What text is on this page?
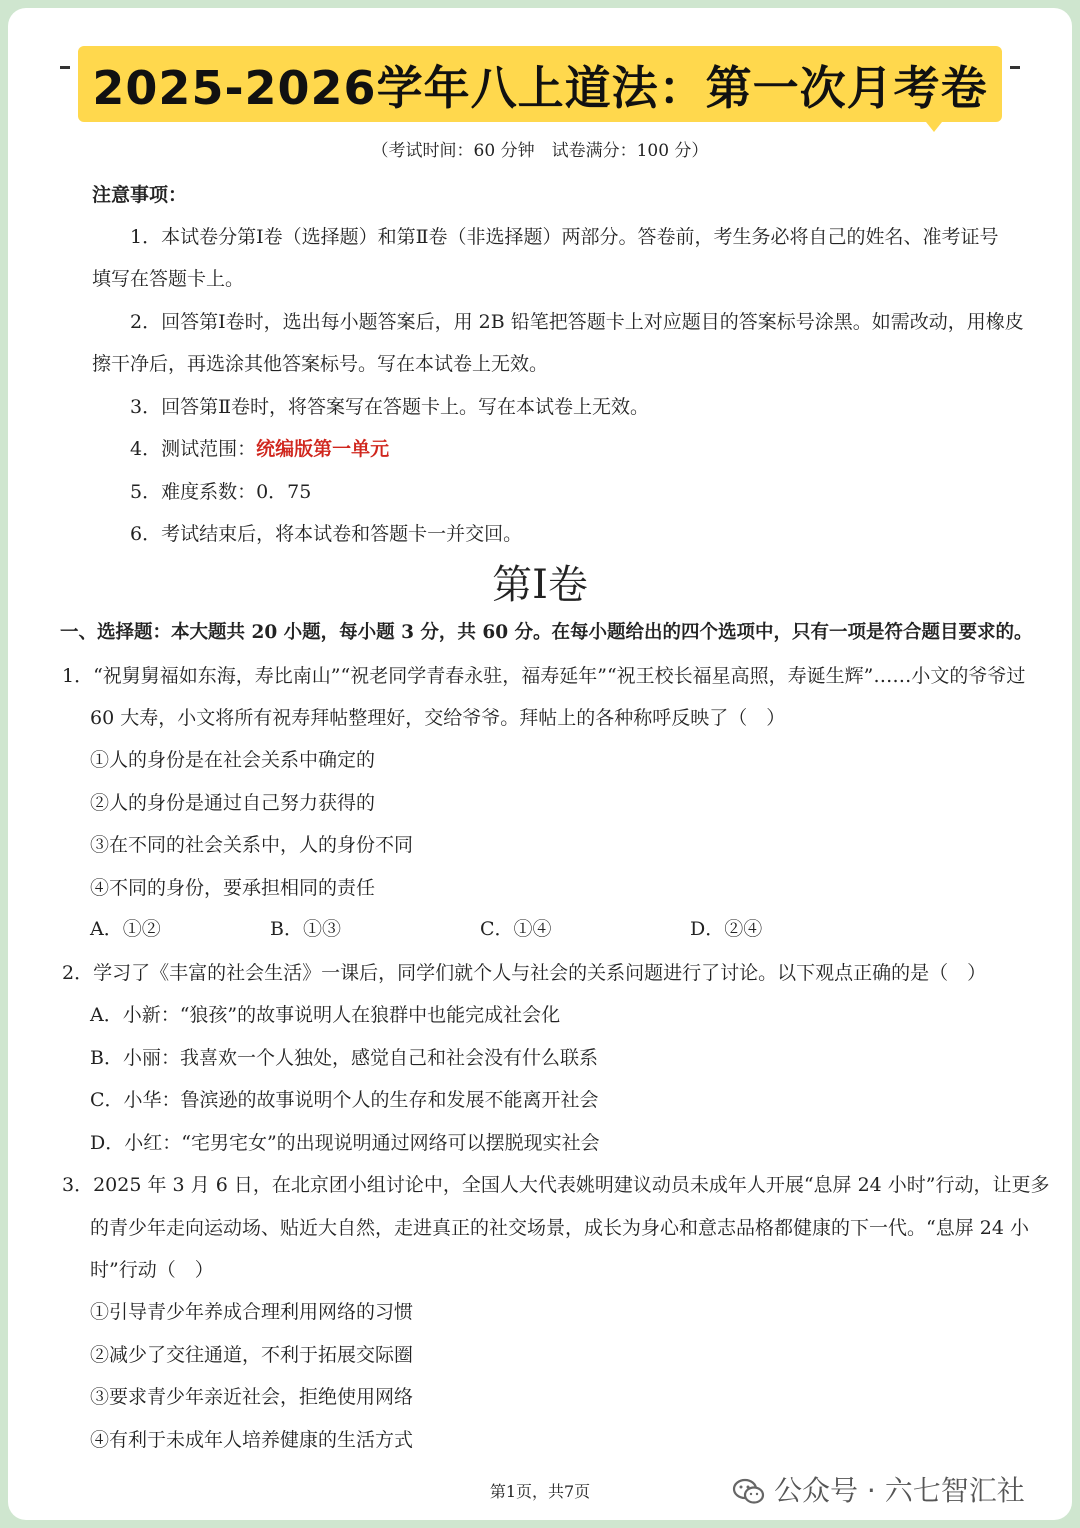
2025-2026学年八上道法：第一次月考卷
（考试时间：60 分钟　试卷满分：100 分）
注意事项：
1．本试卷分第Ⅰ卷（选择题）和第Ⅱ卷（非选择题）两部分。答卷前，考生务必将自己的姓名、准考证号
填写在答题卡上。
2．回答第Ⅰ卷时，选出每小题答案后，用 2B 铅笔把答题卡上对应题目的答案标号涂黑。如需改动，用橡皮
擦干净后，再选涂其他答案标号。写在本试卷上无效。
3．回答第Ⅱ卷时，将答案写在答题卡上。写在本试卷上无效。
4．测试范围：统编版第一单元
5．难度系数：0．75
6．考试结束后，将本试卷和答题卡一并交回。
第Ⅰ卷
一、选择题：本大题共 20 小题，每小题 3 分，共 60 分。在每小题给出的四个选项中，只有一项是符合题目要求的。
1．“祝舅舅福如东海，寿比南山”“祝老同学青春永驻，福寿延年”“祝王校长福星高照，寿诞生辉”……小文的爷爷过
60 大寿，小文将所有祝寿拜帖整理好，交给爷爷。拜帖上的各种称呼反映了（　）
①人的身份是在社会关系中确定的
②人的身份是通过自己努力获得的
③在不同的社会关系中，人的身份不同
④不同的身份，要承担相同的责任
A．①②	B．①③	C．①④	D．②④
2．学习了《丰富的社会生活》一课后，同学们就个人与社会的关系问题进行了讨论。以下观点正确的是（　）
A．小新：“狼孩”的故事说明人在狼群中也能完成社会化
B．小丽：我喜欢一个人独处，感觉自己和社会没有什么联系
C．小华：鲁滨逊的故事说明个人的生存和发展不能离开社会
D．小红：“宅男宅女”的出现说明通过网络可以摆脱现实社会
3．2025 年 3 月 6 日，在北京团小组讨论中，全国人大代表姚明建议动员未成年人开展“息屏 24 小时”行动，让更多
的青少年走向运动场、贴近大自然，走进真正的社交场景，成长为身心和意志品格都健康的下一代。“息屏 24 小
时”行动（　）
①引导青少年养成合理利用网络的习惯
②减少了交往通道，不利于拓展交际圈
③要求青少年亲近社会，拒绝使用网络
④有利于未成年人培养健康的生活方式
第1页，共7页	公众号 · 六七智汇社
